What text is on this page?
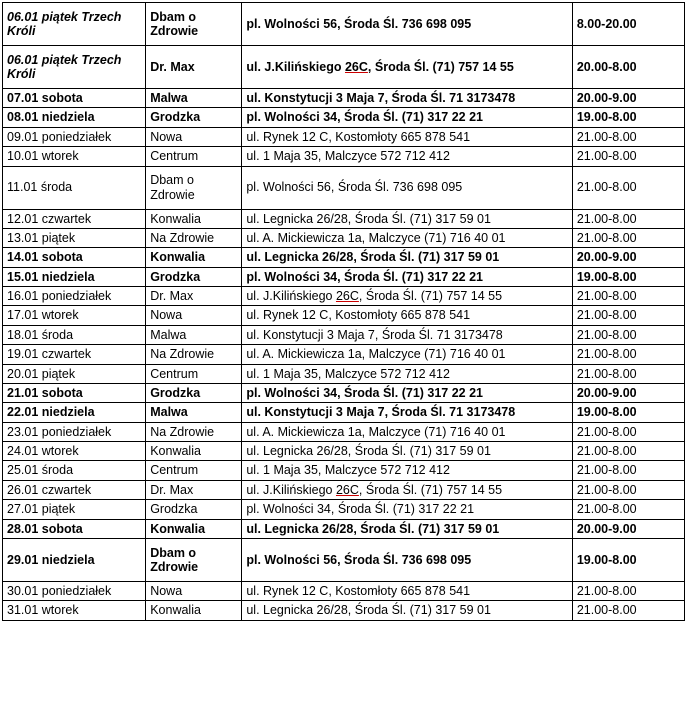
06.01 piątek Trzech Króli	Dbam o Zdrowie	pl. Wolności 56, Środa Śl. 736 698 095	8.00-20.00
06.01 piątek Trzech Króli	Dr. Max	ul. J.Kilińskiego 26C, Środa Śl. (71) 757 14 55	20.00-8.00
07.01 sobota	Malwa	ul. Konstytucji 3 Maja 7, Środa Śl. 71 3173478	20.00-9.00
08.01 niedziela	Grodzka	pl. Wolności 34, Środa Śl. (71) 317 22 21	19.00-8.00
09.01 poniedziałek	Nowa	ul. Rynek 12 C, Kostomłoty 665 878 541	21.00-8.00
10.01 wtorek	Centrum	ul. 1 Maja 35, Malczyce 572 712 412	21.00-8.00
11.01 środa	Dbam o Zdrowie	pl. Wolności 56, Środa Śl. 736 698 095	21.00-8.00
12.01 czwartek	Konwalia	ul. Legnicka 26/28, Środa Śl. (71) 317 59 01	21.00-8.00
13.01 piątek	Na Zdrowie	ul. A. Mickiewicza 1a, Malczyce (71) 716 40 01	21.00-8.00
14.01 sobota	Konwalia	ul. Legnicka 26/28, Środa Śl. (71) 317 59 01	20.00-9.00
15.01 niedziela	Grodzka	pl. Wolności 34, Środa Śl. (71) 317 22 21	19.00-8.00
16.01 poniedziałek	Dr. Max	ul. J.Kilińskiego 26C, Środa Śl. (71) 757 14 55	21.00-8.00
17.01 wtorek	Nowa	ul. Rynek 12 C, Kostomłoty 665 878 541	21.00-8.00
18.01 środa	Malwa	ul. Konstytucji 3 Maja 7, Środa Śl. 71 3173478	21.00-8.00
19.01 czwartek	Na Zdrowie	ul. A. Mickiewicza 1a, Malczyce (71) 716 40 01	21.00-8.00
20.01 piątek	Centrum	ul. 1 Maja 35, Malczyce 572 712 412	21.00-8.00
21.01 sobota	Grodzka	pl. Wolności 34, Środa Śl. (71) 317 22 21	20.00-9.00
22.01 niedziela	Malwa	ul. Konstytucji 3 Maja 7, Środa Śl. 71 3173478	19.00-8.00
23.01 poniedziałek	Na Zdrowie	ul. A. Mickiewicza 1a, Malczyce (71) 716 40 01	21.00-8.00
24.01 wtorek	Konwalia	ul. Legnicka 26/28, Środa Śl. (71) 317 59 01	21.00-8.00
25.01 środa	Centrum	ul. 1 Maja 35, Malczyce 572 712 412	21.00-8.00
26.01 czwartek	Dr. Max	ul. J.Kilińskiego 26C, Środa Śl. (71) 757 14 55	21.00-8.00
27.01 piątek	Grodzka	pl. Wolności 34, Środa Śl. (71) 317 22 21	21.00-8.00
28.01 sobota	Konwalia	ul. Legnicka 26/28, Środa Śl. (71) 317 59 01	20.00-9.00
29.01 niedziela	Dbam o Zdrowie	pl. Wolności 56, Środa Śl. 736 698 095	19.00-8.00
30.01 poniedziałek	Nowa	ul. Rynek 12 C, Kostomłoty 665 878 541	21.00-8.00
31.01 wtorek	Konwalia	ul. Legnicka 26/28, Środa Śl. (71) 317 59 01	21.00-8.00
